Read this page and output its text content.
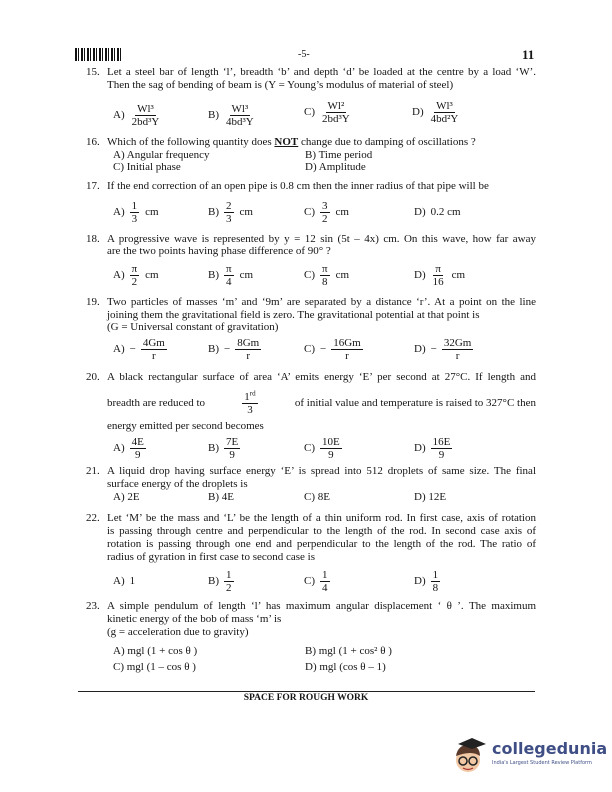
-5-	11
15. Let a steel bar of length ‘l’, breadth ‘b’ and depth ‘d’ be loaded at the centre by a load ‘W’.
Then the sag of bending of beam is (Y = Young’s modulus of material of steel)
$A) \frac{\text{Wl³}}{\text{2bd³Y}}$	$B) \frac{\text{Wl³}}{\text{4bd³Y}}$	$C) \frac{\text{Wl²}}{\text{2bd³Y}}$	$D) \frac{\text{Wl³}}{\text{4bd²Y}}$
16. Which of the following quantity does NOT change due to damping of oscillations ?
A) Angular frequency	B) Time period
C) Initial phase	D) Amplitude
17. If the end correction of an open pipe is 0.8 cm then the inner radius of that pipe will be
$A) \frac{1}{3}$ cm	$B) \frac{2}{3}$ cm	$C) \frac{3}{2}$ cm	D) 0.2 cm
18. A progressive wave is represented by y = 12 sin (5t – 4x) cm. On this wave, how far away
are the two points having phase difference of 90° ?
$A) \frac{\pi}{2}$ cm	$B) \frac{\pi}{4}$ cm	$C) \frac{\pi}{8}$ cm	$D) \frac{\pi}{16}$ cm
19. Two particles of masses ‘m’ and ‘9m’ are separated by a distance ‘r’. At a point on the line
joining them the gravitational field is zero. The gravitational potential at that point is
(G = Universal constant of gravitation)
$A) - \frac{4Gm}{r}$	$B) - \frac{8Gm}{r}$	$C) - \frac{16Gm}{r}$	$D) - \frac{32Gm}{r}$
20. A black rectangular surface of area ‘A’ emits energy ‘E’ per second at 27°C. If length and
breadth are reduced to	$\frac{1^{rd}}{3}$	of initial value and temperature is raised to 327°C then
energy emitted per second becomes
$A) \frac{4E}{9}$	$B) \frac{7E}{9}$	$C) \frac{10E}{9}$	$D) \frac{16E}{9}$
21. A liquid drop having surface energy ‘E’ is spread into 512 droplets of same size. The final
surface energy of the droplets is
A) 2E	B) 4E	C) 8E	D) 12E
22. Let ‘M’ be the mass and ‘L’ be the length of a thin uniform rod. In first case, axis of rotation
is passing through centre and perpendicular to the length of the rod. In second case axis of
rotation is passing through one end and perpendicular to the length of the rod. The ratio of
radius of gyration in first case to second case is
A) 1	$B) \frac{1}{2}$	$C) \frac{1}{4}$	$D) \frac{1}{8}$
23. A simple pendulum of length ‘l’ has maximum angular displacement ‘ θ ’. The maximum
kinetic energy of the bob of mass ‘m’ is
(g = acceleration due to gravity)
A) mgl (1 + cos θ )	B) mgl (1 + cos² θ )
C) mgl (1 – cos θ )	D) mgl (cos θ – 1)
SPACE FOR ROUGH WORK
collegedunia
India's Largest Student Review Platform
